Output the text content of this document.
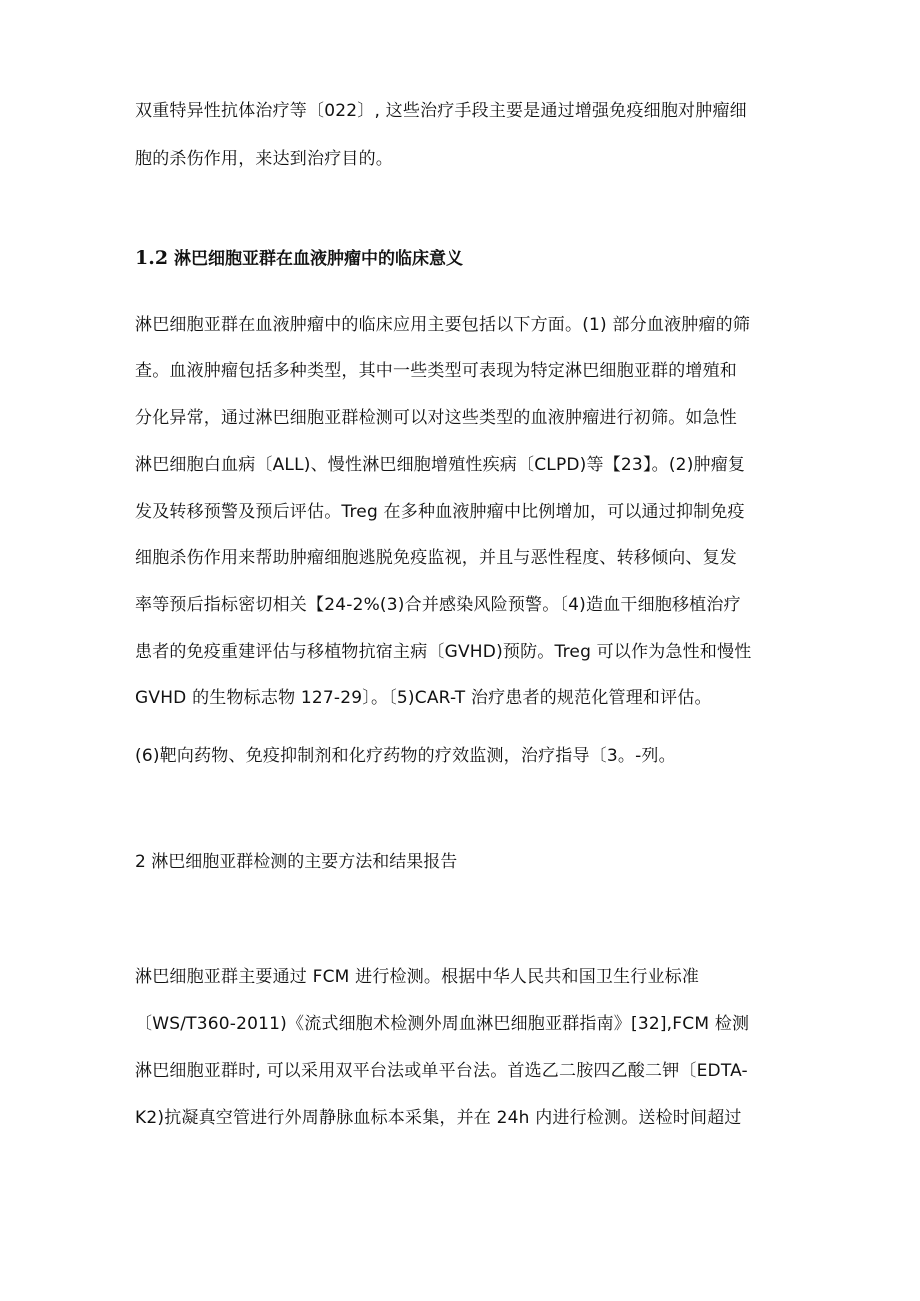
双重特异性抗体治疗等〔022〕, 这些治疗手段主要是通过增强免疫细胞对肿瘤细
胞的杀伤作用，来达到治疗目的。
1.2 淋巴细胞亚群在血液肿瘤中的临床意义
淋巴细胞亚群在血液肿瘤中的临床应用主要包括以下方面。(1) 部分血液肿瘤的筛
查。血液肿瘤包括多种类型，其中一些类型可表现为特定淋巴细胞亚群的增殖和
分化异常，通过淋巴细胞亚群检测可以对这些类型的血液肿瘤进行初筛。如急性
淋巴细胞白血病〔ALL)、慢性淋巴细胞增殖性疾病〔CLPD)等【23】。(2)肿瘤复
发及转移预警及预后评估。Treg 在多种血液肿瘤中比例增加，可以通过抑制免疫
细胞杀伤作用来帮助肿瘤细胞逃脱免疫监视，并且与恶性程度、转移倾向、复发
率等预后指标密切相关【24-2%(3)合并感染风险预警。〔4)造血干细胞移植治疗
患者的免疫重建评估与移植物抗宿主病〔GVHD)预防。Treg 可以作为急性和慢性
GVHD 的生物标志物 127-29〕。〔5)CAR-T 治疗患者的规范化管理和评估。
(6)靶向药物、免疫抑制剂和化疗药物的疗效监测，治疗指导〔3。-列。
2 淋巴细胞亚群检测的主要方法和结果报告
淋巴细胞亚群主要通过 FCM 进行检测。根据中华人民共和国卫生行业标准
〔WS/T360-2011)《流式细胞术检测外周血淋巴细胞亚群指南》[32],FCM 检测
淋巴细胞亚群时, 可以采用双平台法或单平台法。首选乙二胺四乙酸二钾〔EDTA-
K2)抗凝真空管进行外周静脉血标本采集，并在 24h 内进行检测。送检时间超过
